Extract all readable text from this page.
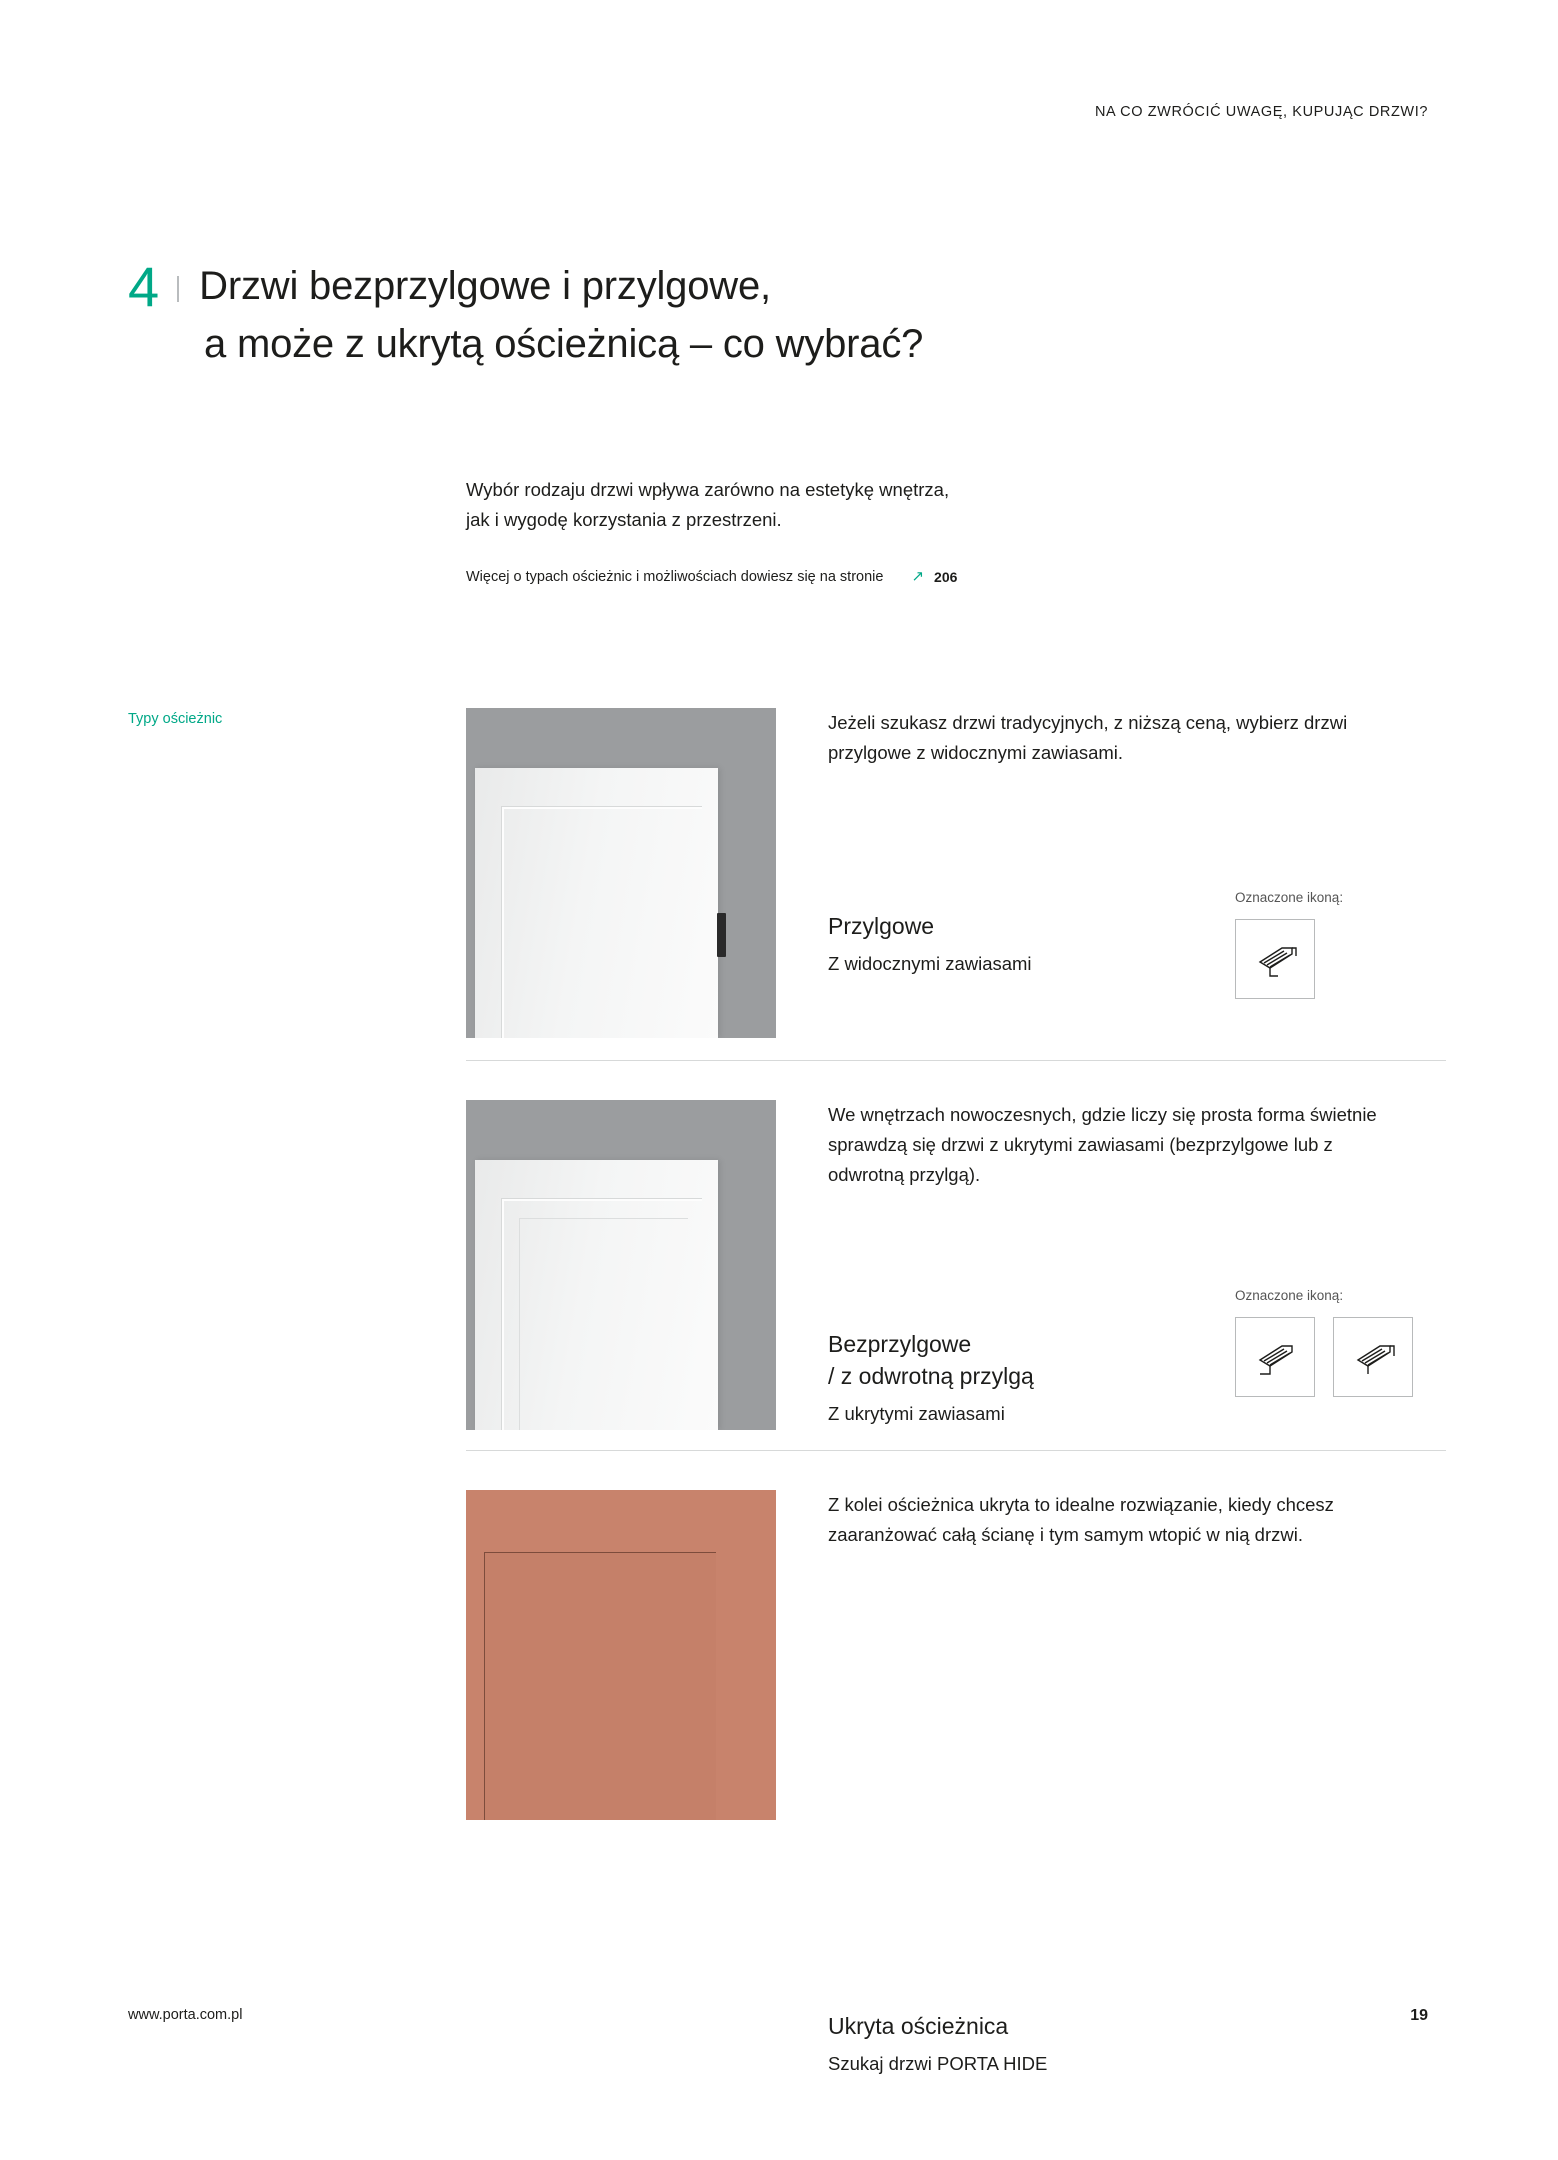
NA CO ZWRÓCIĆ UWAGĘ, KUPUJĄC DRZWI?
4 Drzwi bezprzylgowe i przylgowe,
a może z ukrytą ościeżnicą – co wybrać?
Wybór rodzaju drzwi wpływa zarówno na estetykę wnętrza,
jak i wygodę korzystania z przestrzeni.
Więcej o typach ościeżnic i możliwościach dowiesz się na stronie ↗ 206
Typy ościeżnic	Jeżeli szukasz drzwi tradycyjnych, z niższą ceną, wybierz drzwi przylgowe z widocznymi zawiasami.
Przylgowe
Z widocznymi zawiasami
Oznaczone ikoną:
We wnętrzach nowoczesnych, gdzie liczy się prosta forma świetnie sprawdzą się drzwi z ukrytymi zawiasami (bezprzylgowe lub z odwrotną przylgą).
Bezprzylgowe
/ z odwrotną przylgą
Z ukrytymi zawiasami
Oznaczone ikoną:
Z kolei ościeżnica ukryta to idealne rozwiązanie, kiedy chcesz zaaranżować całą ścianę i tym samym wtopić w nią drzwi.
Ukryta ościeżnica
Szukaj drzwi PORTA HIDE
www.porta.com.pl	19
